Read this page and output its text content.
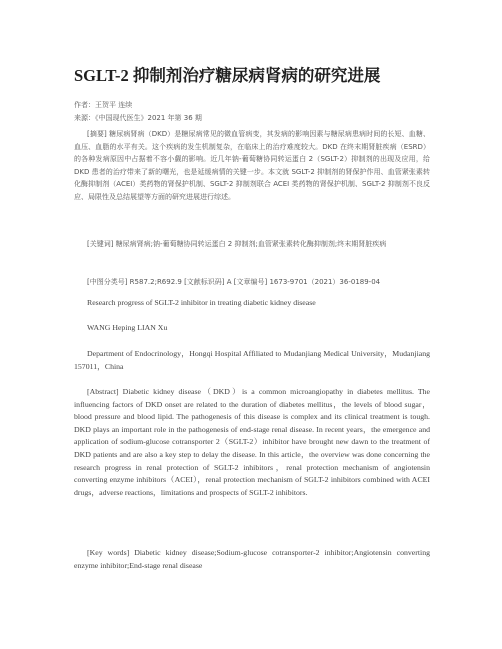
SGLT-2 抑制剂治疗糖尿病肾病的研究进展
作者：王贺平 连续
来源：《中国现代医生》2021 年第 36 期
[摘要] 糖尿病肾病（DKD）是糖尿病常见的微血管病变，其发病的影响因素与糖尿病患病时间的长短、血糖、血压、血脂的水平有关。这个疾病的发生机制复杂，在临床上的治疗难度较大。DKD 在终末期肾脏疾病（ESRD）的各种发病原因中占据着不容小觑的影响。近几年钠-葡萄糖协同转运蛋白 2（SGLT-2）抑制剂的出现及应用，给 DKD 患者的治疗带来了新的曙光，也是延缓病情的关键一步。本文就 SGLT-2 抑制剂的肾保护作用、血管紧张素转化酶抑制剂（ACEI）类药物的肾保护机制、SGLT-2 抑制剂联合 ACEI 类药物的肾保护机制、SGLT-2 抑制剂不良反应、局限性及总结展望等方面的研究进展进行综述。
[关键词] 糖尿病肾病;钠-葡萄糖协同转运蛋白 2 抑制剂;血管紧张素转化酶抑制剂;终末期肾脏疾病
[中图分类号] R587.2;R692.9 [文献标识码] A [文章编号] 1673-9701（2021）36-0189-04
Research progress of SGLT-2 inhibitor in treating diabetic kidney disease
WANG Heping LIAN Xu
Department of Endocrinology，Hongqi Hospital Affiliated to Mudanjiang Medical University，Mudanjiang 157011，China
[Abstract] Diabetic kidney disease（DKD）is a common microangiopathy in diabetes mellitus. The influencing factors of DKD onset are related to the duration of diabetes mellitus，the levels of blood sugar，blood pressure and blood lipid. The pathogenesis of this disease is complex and its clinical treatment is tough. DKD plays an important role in the pathogenesis of end-stage renal disease. In recent years，the emergence and application of sodium-glucose cotransporter 2（SGLT-2）inhibitor have brought new dawn to the treatment of DKD patients and are also a key step to delay the disease. In this article，the overview was done concerning the research progress in renal protection of SGLT-2 inhibitors，renal protection mechanism of angiotensin converting enzyme inhibitors（ACEI），renal protection mechanism of SGLT-2 inhibitors combined with ACEI drugs，adverse reactions，limitations and prospects of SGLT-2 inhibitors.
[Key words] Diabetic kidney disease;Sodium-glucose cotransporter-2 inhibitor;Angiotensin converting enzyme inhibitor;End-stage renal disease
